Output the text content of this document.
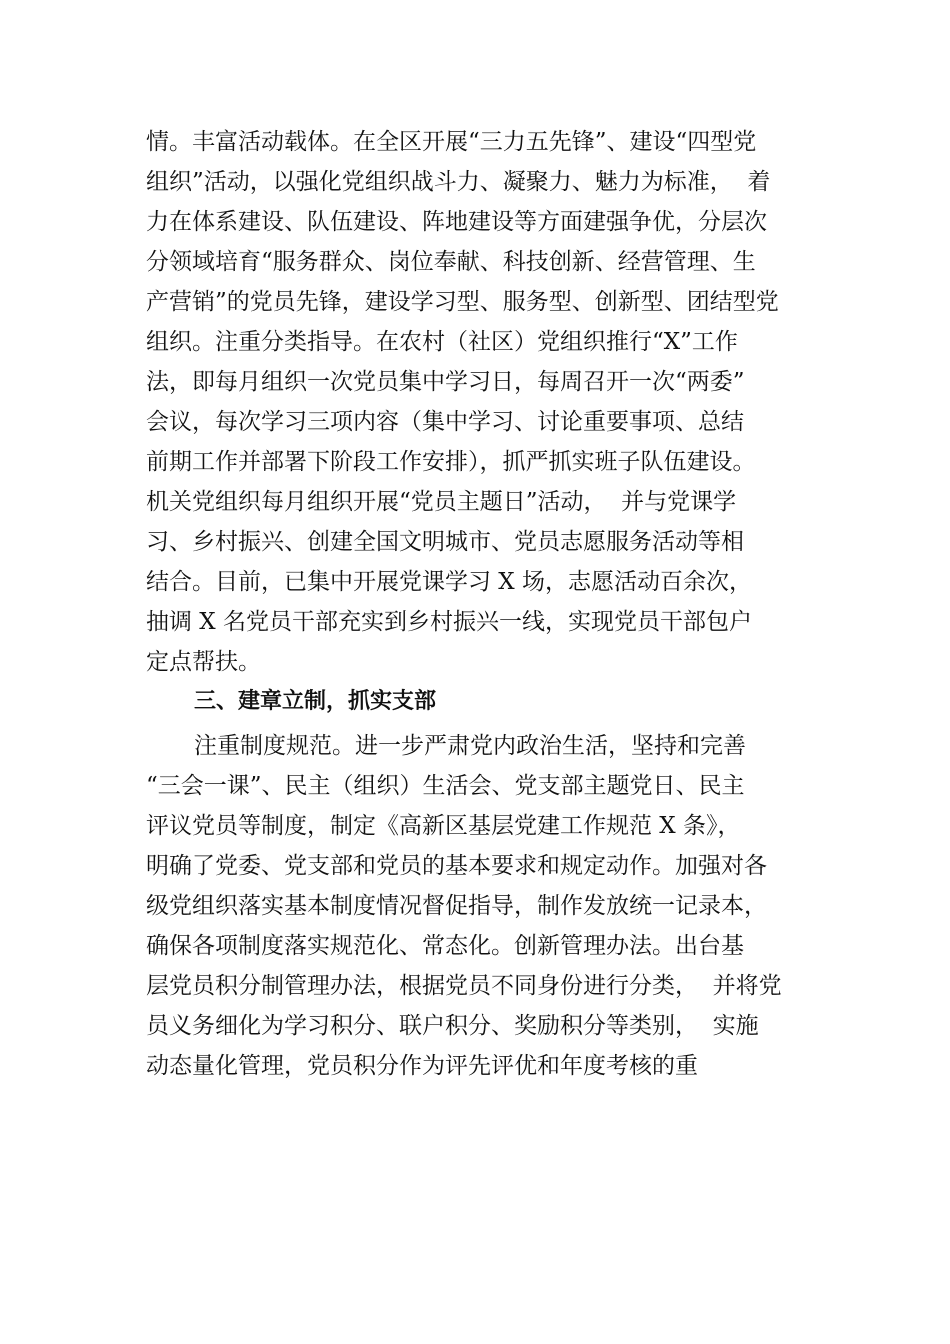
情。丰富活动载体。在全区开展“三力五先锋”、建设“四型党
组织”活动，以强化党组织战斗力、凝聚力、魅力为标准，  着
力在体系建设、队伍建设、阵地建设等方面建强争优，分层次
分领域培育“服务群众、岗位奉献、科技创新、经营管理、生
产营销”的党员先锋，建设学习型、服务型、创新型、团结型党
组织。注重分类指导。在农村（社区）党组织推行“X”工作
法，即每月组织一次党员集中学习日，每周召开一次“两委”
会议，每次学习三项内容（集中学习、讨论重要事项、总结
前期工作并部署下阶段工作安排），抓严抓实班子队伍建设。
机关党组织每月组织开展“党员主题日”活动，  并与党课学
习、乡村振兴、创建全国文明城市、党员志愿服务活动等相
结合。目前，已集中开展党课学习 X 场，志愿活动百余次，
抽调 X 名党员干部充实到乡村振兴一线，实现党员干部包户
定点帮扶。
三、建章立制，抓实支部
注重制度规范。进一步严肃党内政治生活，坚持和完善
“三会一课”、民主（组织）生活会、党支部主题党日、民主
评议党员等制度，制定《高新区基层党建工作规范 X 条》，
明确了党委、党支部和党员的基本要求和规定动作。加强对各
级党组织落实基本制度情况督促指导，制作发放统一记录本，
确保各项制度落实规范化、常态化。创新管理办法。出台基
层党员积分制管理办法，根据党员不同身份进行分类，  并将党
员义务细化为学习积分、联户积分、奖励积分等类别，  实施
动态量化管理，党员积分作为评先评优和年度考核的重
